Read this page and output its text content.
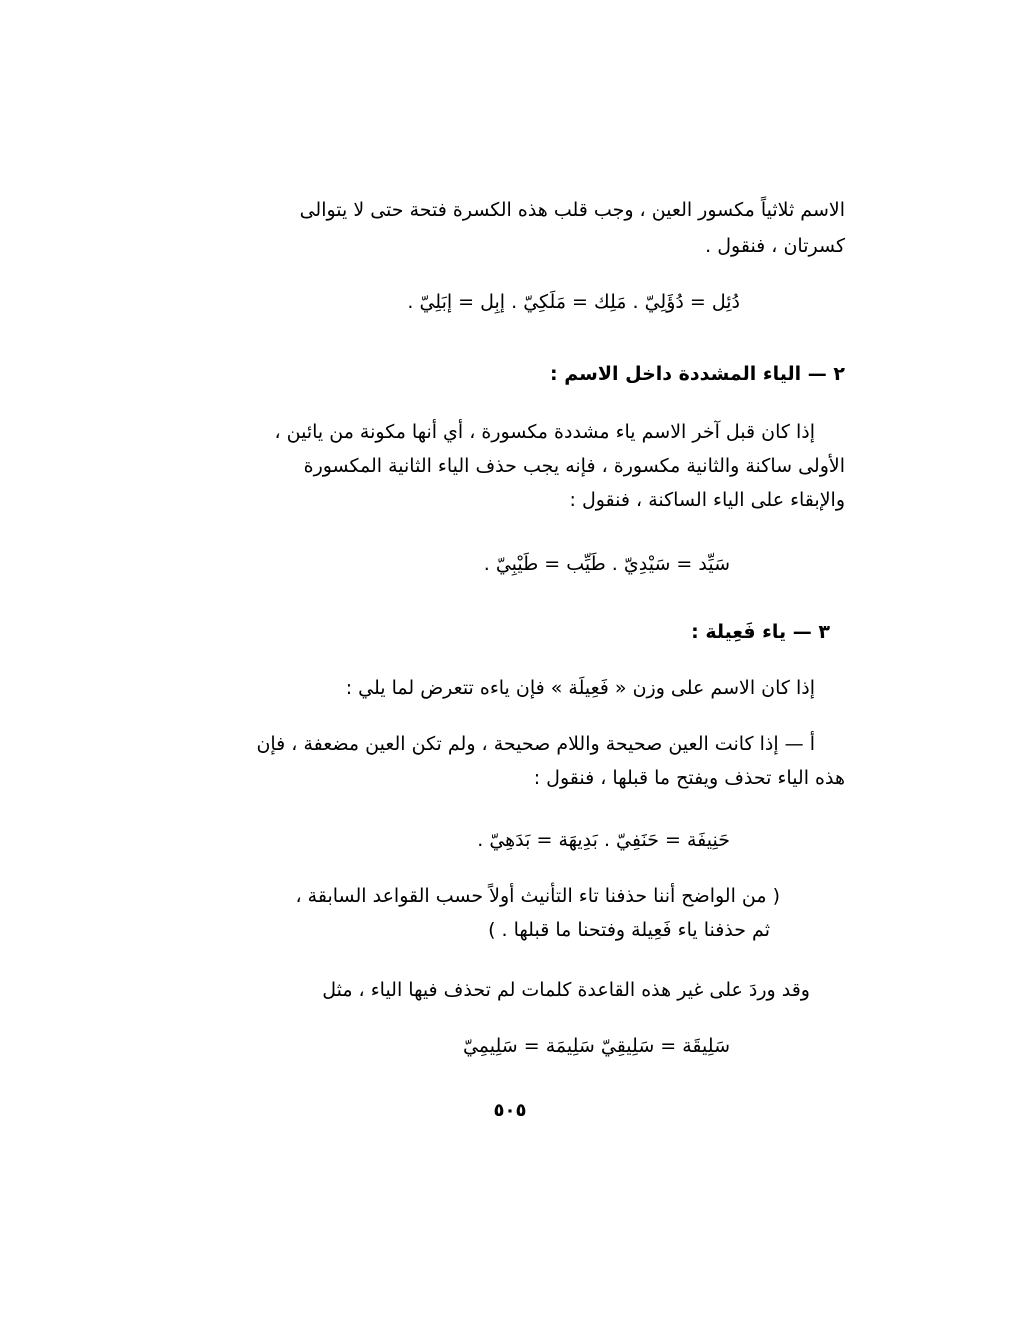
الاسم ثلاثياً مكسور العين ، وجب قلب هذه الكسرة فتحة حتى لا يتوالى
كسرتان ، فنقول .
دُئِل = دُؤَلِيّ . مَلِك = مَلَكِيّ . إبِل = إبَلِيّ .
٢ — الياء المشددة داخل الاسم :
إذا كان قبل آخر الاسم ياء مشددة مكسورة ، أي أنها مكونة من يائين ،
الأولى ساكنة والثانية مكسورة ، فإنه يجب حذف الياء الثانية المكسورة
والإبقاء على الياء الساكنة ، فنقول :
سَيِّد = سَيْدِيّ . طَيِّب = طَيْبِيّ .
٣ — ياء فَعِيلة :
إذا كان الاسم على وزن « فَعِيلَة » فإن ياءه تتعرض لما يلي :
أ — إذا كانت العين صحيحة واللام صحيحة ، ولم تكن العين مضعفة ، فإن
هذه الياء تحذف ويفتح ما قبلها ، فنقول :
حَنِيفَة = حَنَفِيّ . بَدِيهَة = بَدَهِيّ .
( من الواضح أننا حذفنا تاء التأنيث أولاً حسب القواعد السابقة ،
ثم حذفنا ياء فَعِيلة وفتحنا ما قبلها . )
وقد وردَ على غير هذه القاعدة كلمات لم تحذف فيها الياء ، مثل
سَلِيقَة = سَلِيقِيّ سَلِيمَة = سَلِيمِيّ
٥٠٥
